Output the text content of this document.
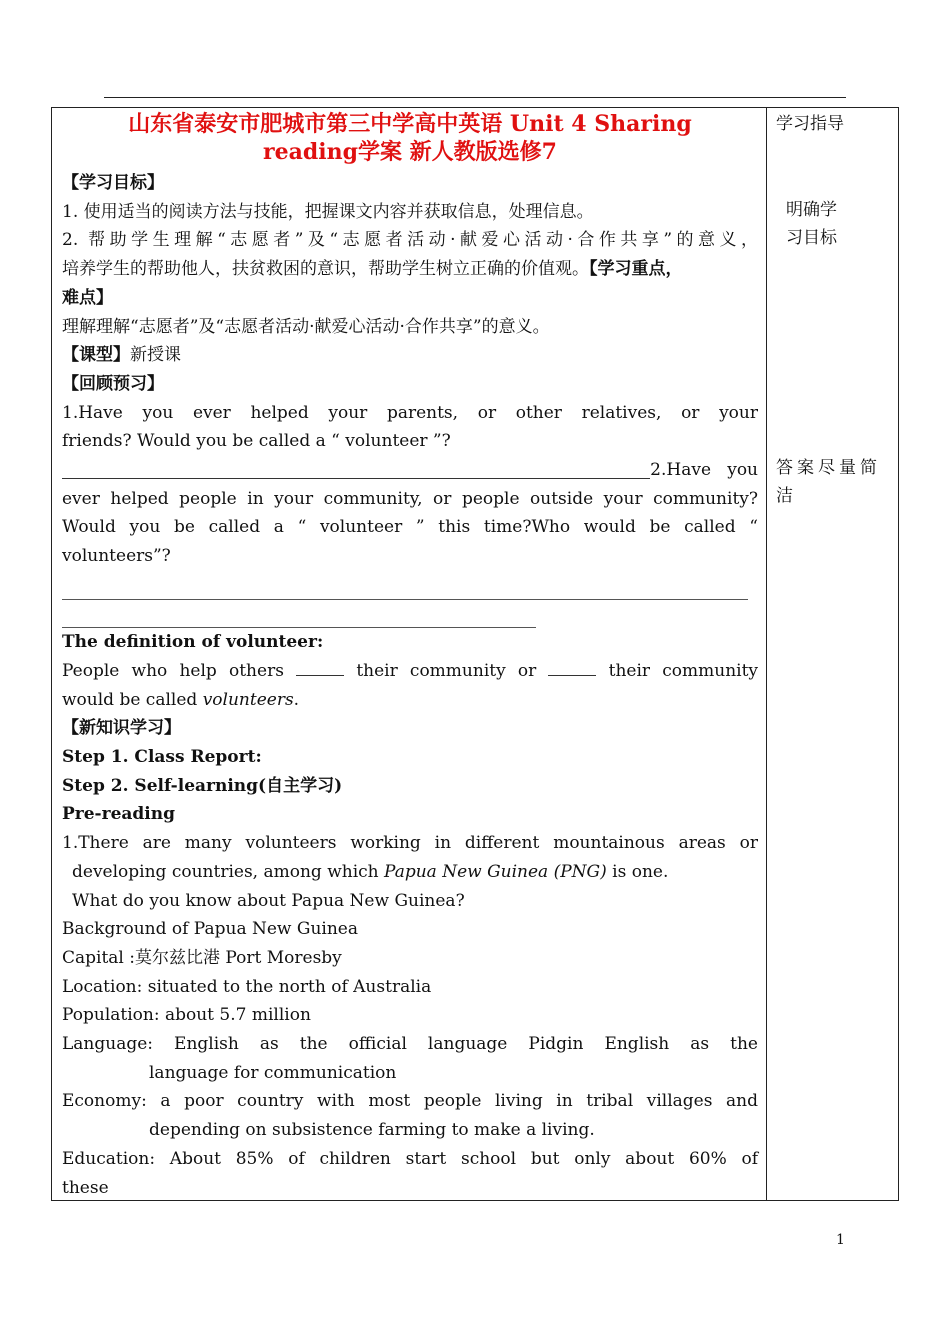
山东省泰安市肥城市第三中学高中英语 Unit 4 Sharing
reading学案 新人教版选修7
【学习目标】
1. 使用适当的阅读方法与技能，把握课文内容并获取信息，处理信息。
2. 帮助学生理解“志愿者”及“志愿者活动·献爱心活动·合作共享”的意义，
培养学生的帮助他人，扶贫救困的意识，帮助学生树立正确的价值观。【学习重点，
难点】
理解理解“志愿者”及“志愿者活动·献爱心活动·合作共享”的意义。
【课型】新授课
【回顾预习】
1.Have you ever helped your parents, or other relatives, or your
friends? Would you be called a “ volunteer ”?
2.Have   you
ever helped people in your community, or people outside your community?
Would you be called a “ volunteer ” this time?Who would be called “
volunteers”?
The definition of volunteer:
People who help others	their community or	their community
would be called volunteers.
【新知识学习】
Step 1. Class Report:
Step 2. Self-learning(自主学习)
Pre-reading
1.There are many volunteers working in different mountainous areas or
developing countries, among which Papua New Guinea (PNG) is one.
What do you know about Papua New Guinea?
Background of Papua New Guinea
Capital :莫尔兹比港 Port Moresby
Location: situated to the north of Australia
Population: about 5.7 million
Language: English as the official language Pidgin English as the
language for communication
Economy: a poor country with most people living in tribal villages and
depending on subsistence farming to make a living.
Education: About 85% of children start school but only about 60% of
these
学习指导
明确学
习目标
答案尽量简
洁
1
